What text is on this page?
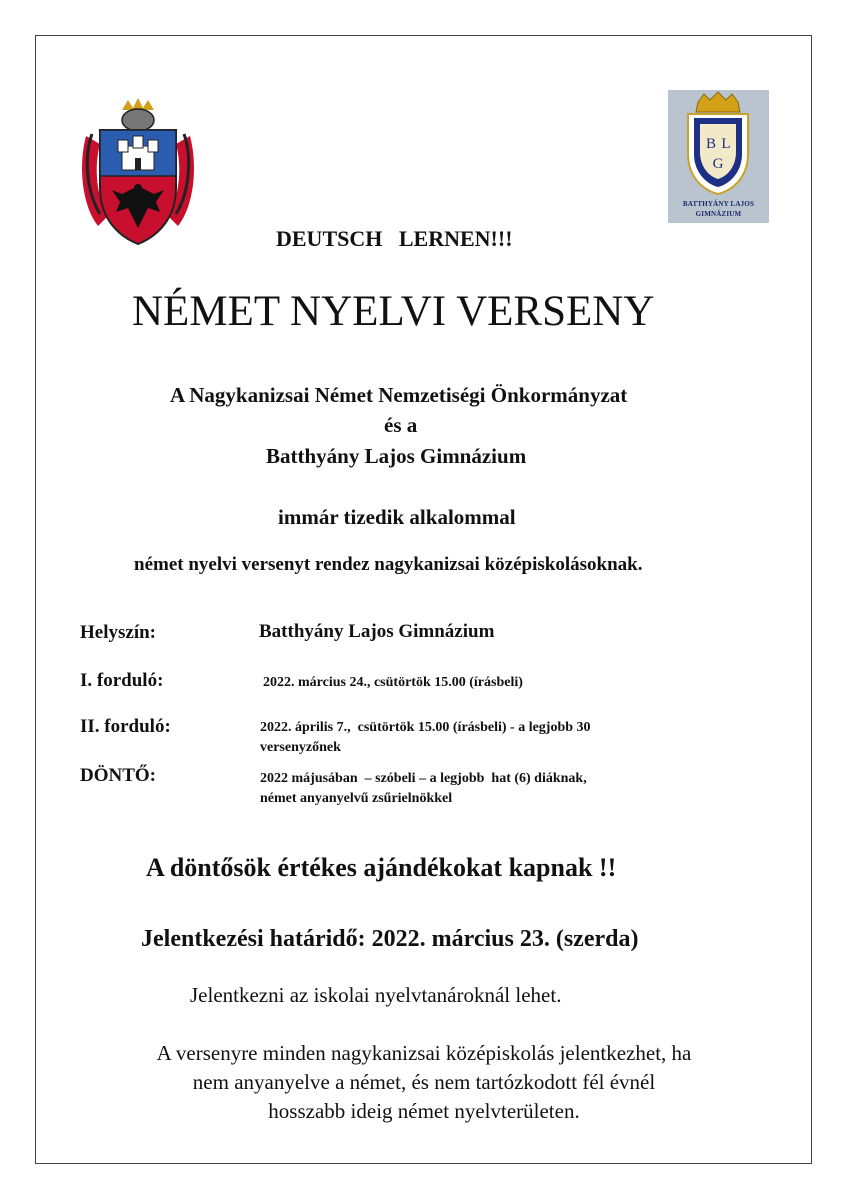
B L
G
BATTHYÁNY LAJOS
GIMNÁZIUM
DEUTSCH   LERNEN!!!
NÉMET NYELVI VERSENY
A Nagykanizsai Német Nemzetiségi Önkormányzat
és a
Batthyány Lajos Gimnázium
immár tizedik alkalommal
német nyelvi versenyt rendez nagykanizsai középiskolásoknak.
Helyszín:	Batthyány Lajos Gimnázium
I. forduló:	2022. március 24., csütörtök 15.00 (írásbeli)
II. forduló:	2022. április 7.,  csütörtök 15.00 (írásbeli) - a legjobb 30
versenyzőnek
DÖNTŐ:	2022 májusában  – szóbeli – a legjobb  hat (6) diáknak,
német anyanyelvű zsűrielnökkel
A döntősök értékes ajándékokat kapnak !!
Jelentkezési határidő: 2022. március 23. (szerda)
Jelentkezni az iskolai nyelvtanároknál lehet.
A versenyre minden nagykanizsai középiskolás jelentkezhet, ha
nem anyanyelve a német, és nem tartózkodott fél évnél
hosszabb ideig német nyelvterületen.
